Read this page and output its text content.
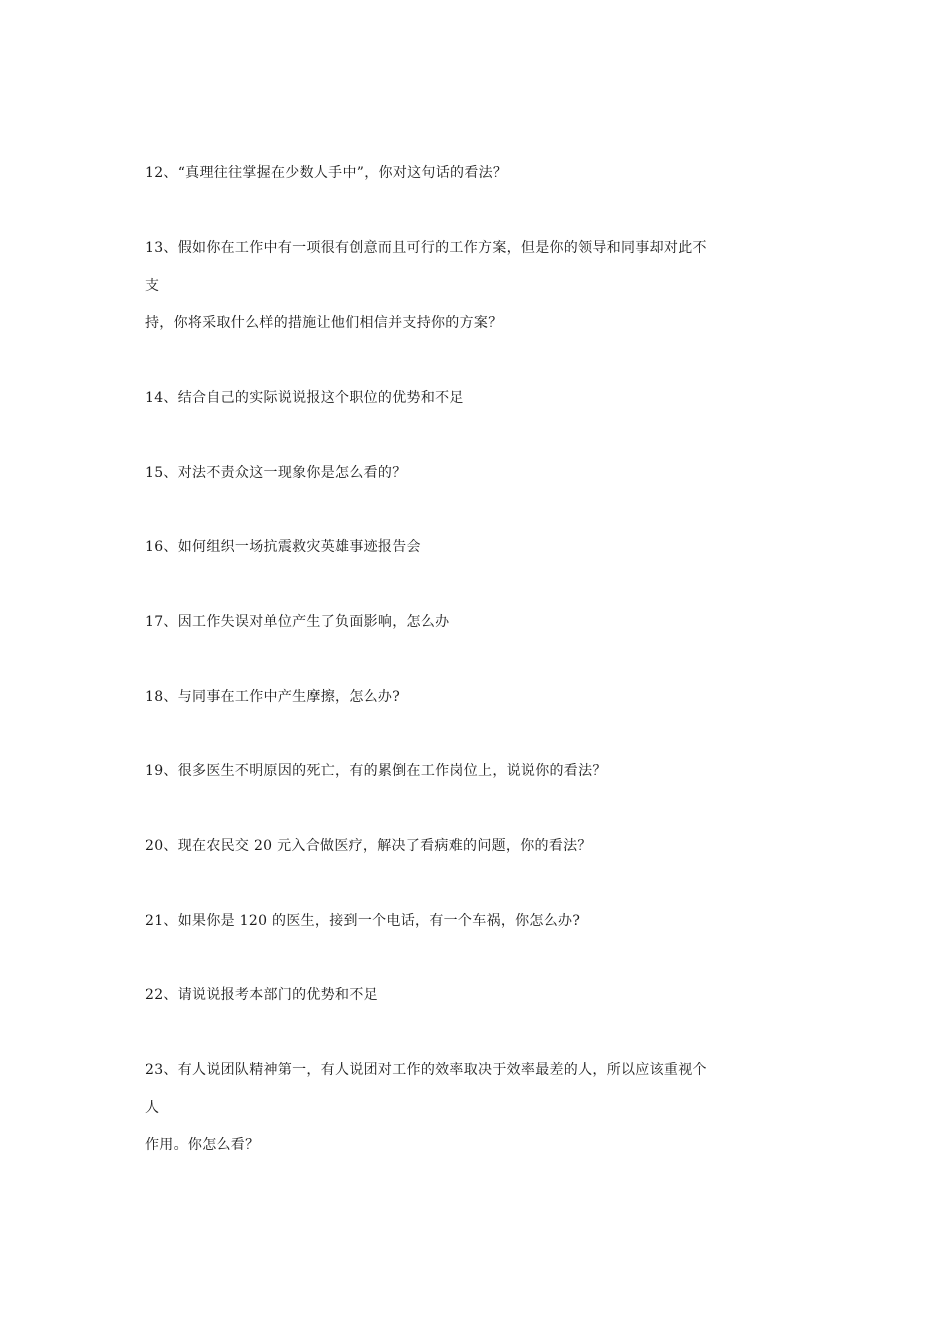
12、“真理往往掌握在少数人手中”，你对这句话的看法？
13、假如你在工作中有一项很有创意而且可行的工作方案，但是你的领导和同事却对此不
支
持，你将采取什么样的措施让他们相信并支持你的方案？
14、结合自己的实际说说报这个职位的优势和不足
15、对法不责众这一现象你是怎么看的？
16、如何组织一场抗震救灾英雄事迹报告会
17、因工作失误对单位产生了负面影响，怎么办
18、与同事在工作中产生摩擦，怎么办?
19、很多医生不明原因的死亡，有的累倒在工作岗位上，说说你的看法？
20、现在农民交 20 元入合做医疗，解决了看病难的问题，你的看法？
21、如果你是 120 的医生，接到一个电话，有一个车祸，你怎么办?
22、请说说报考本部门的优势和不足
23、有人说团队精神第一，有人说团对工作的效率取决于效率最差的人，所以应该重视个
人
作用。你怎么看？
